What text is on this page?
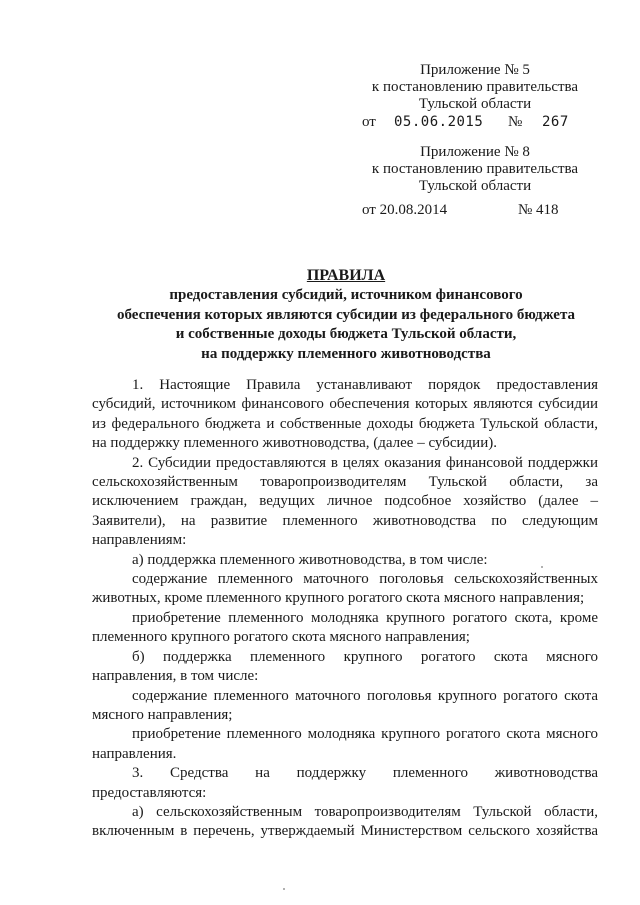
Приложение № 5
к постановлению правительства
Тульской области
от 05.06.2015 № 267
Приложение № 8
к постановлению правительства
Тульской области
от 20.08.2014	№ 418
ПРАВИЛА
предоставления субсидий, источником финансового
обеспечения которых являются субсидии из федерального бюджета
и собственные доходы бюджета Тульской области,
на поддержку племенного животноводства

1. Настоящие Правила устанавливают порядок предоставления субсидий, источником финансового обеспечения которых являются субсидии из федерального бюджета и собственные доходы бюджета Тульской области, на поддержку племенного животноводства, (далее – субсидии).

2. Субсидии предоставляются в целях оказания финансовой поддержки сельскохозяйственным товаропроизводителям Тульской области, за исключением граждан, ведущих личное подсобное хозяйство (далее – Заявители), на развитие племенного животноводства по следующим направлениям:

а) поддержка племенного животноводства, в том числе:

содержание племенного маточного поголовья сельскохозяйственных животных, кроме племенного крупного рогатого скота мясного направления;

приобретение племенного молодняка крупного рогатого скота, кроме племенного крупного рогатого скота мясного направления;

б) поддержка племенного крупного рогатого скота мясного направления, в том числе:

содержание племенного маточного поголовья крупного рогатого скота мясного направления;

приобретение племенного молодняка крупного рогатого скота мясного направления.

3. Средства на поддержку племенного животноводства предоставляются:

а) сельскохозяйственным товаропроизводителям Тульской области, включенным в перечень, утверждаемый Министерством сельского хозяйства
